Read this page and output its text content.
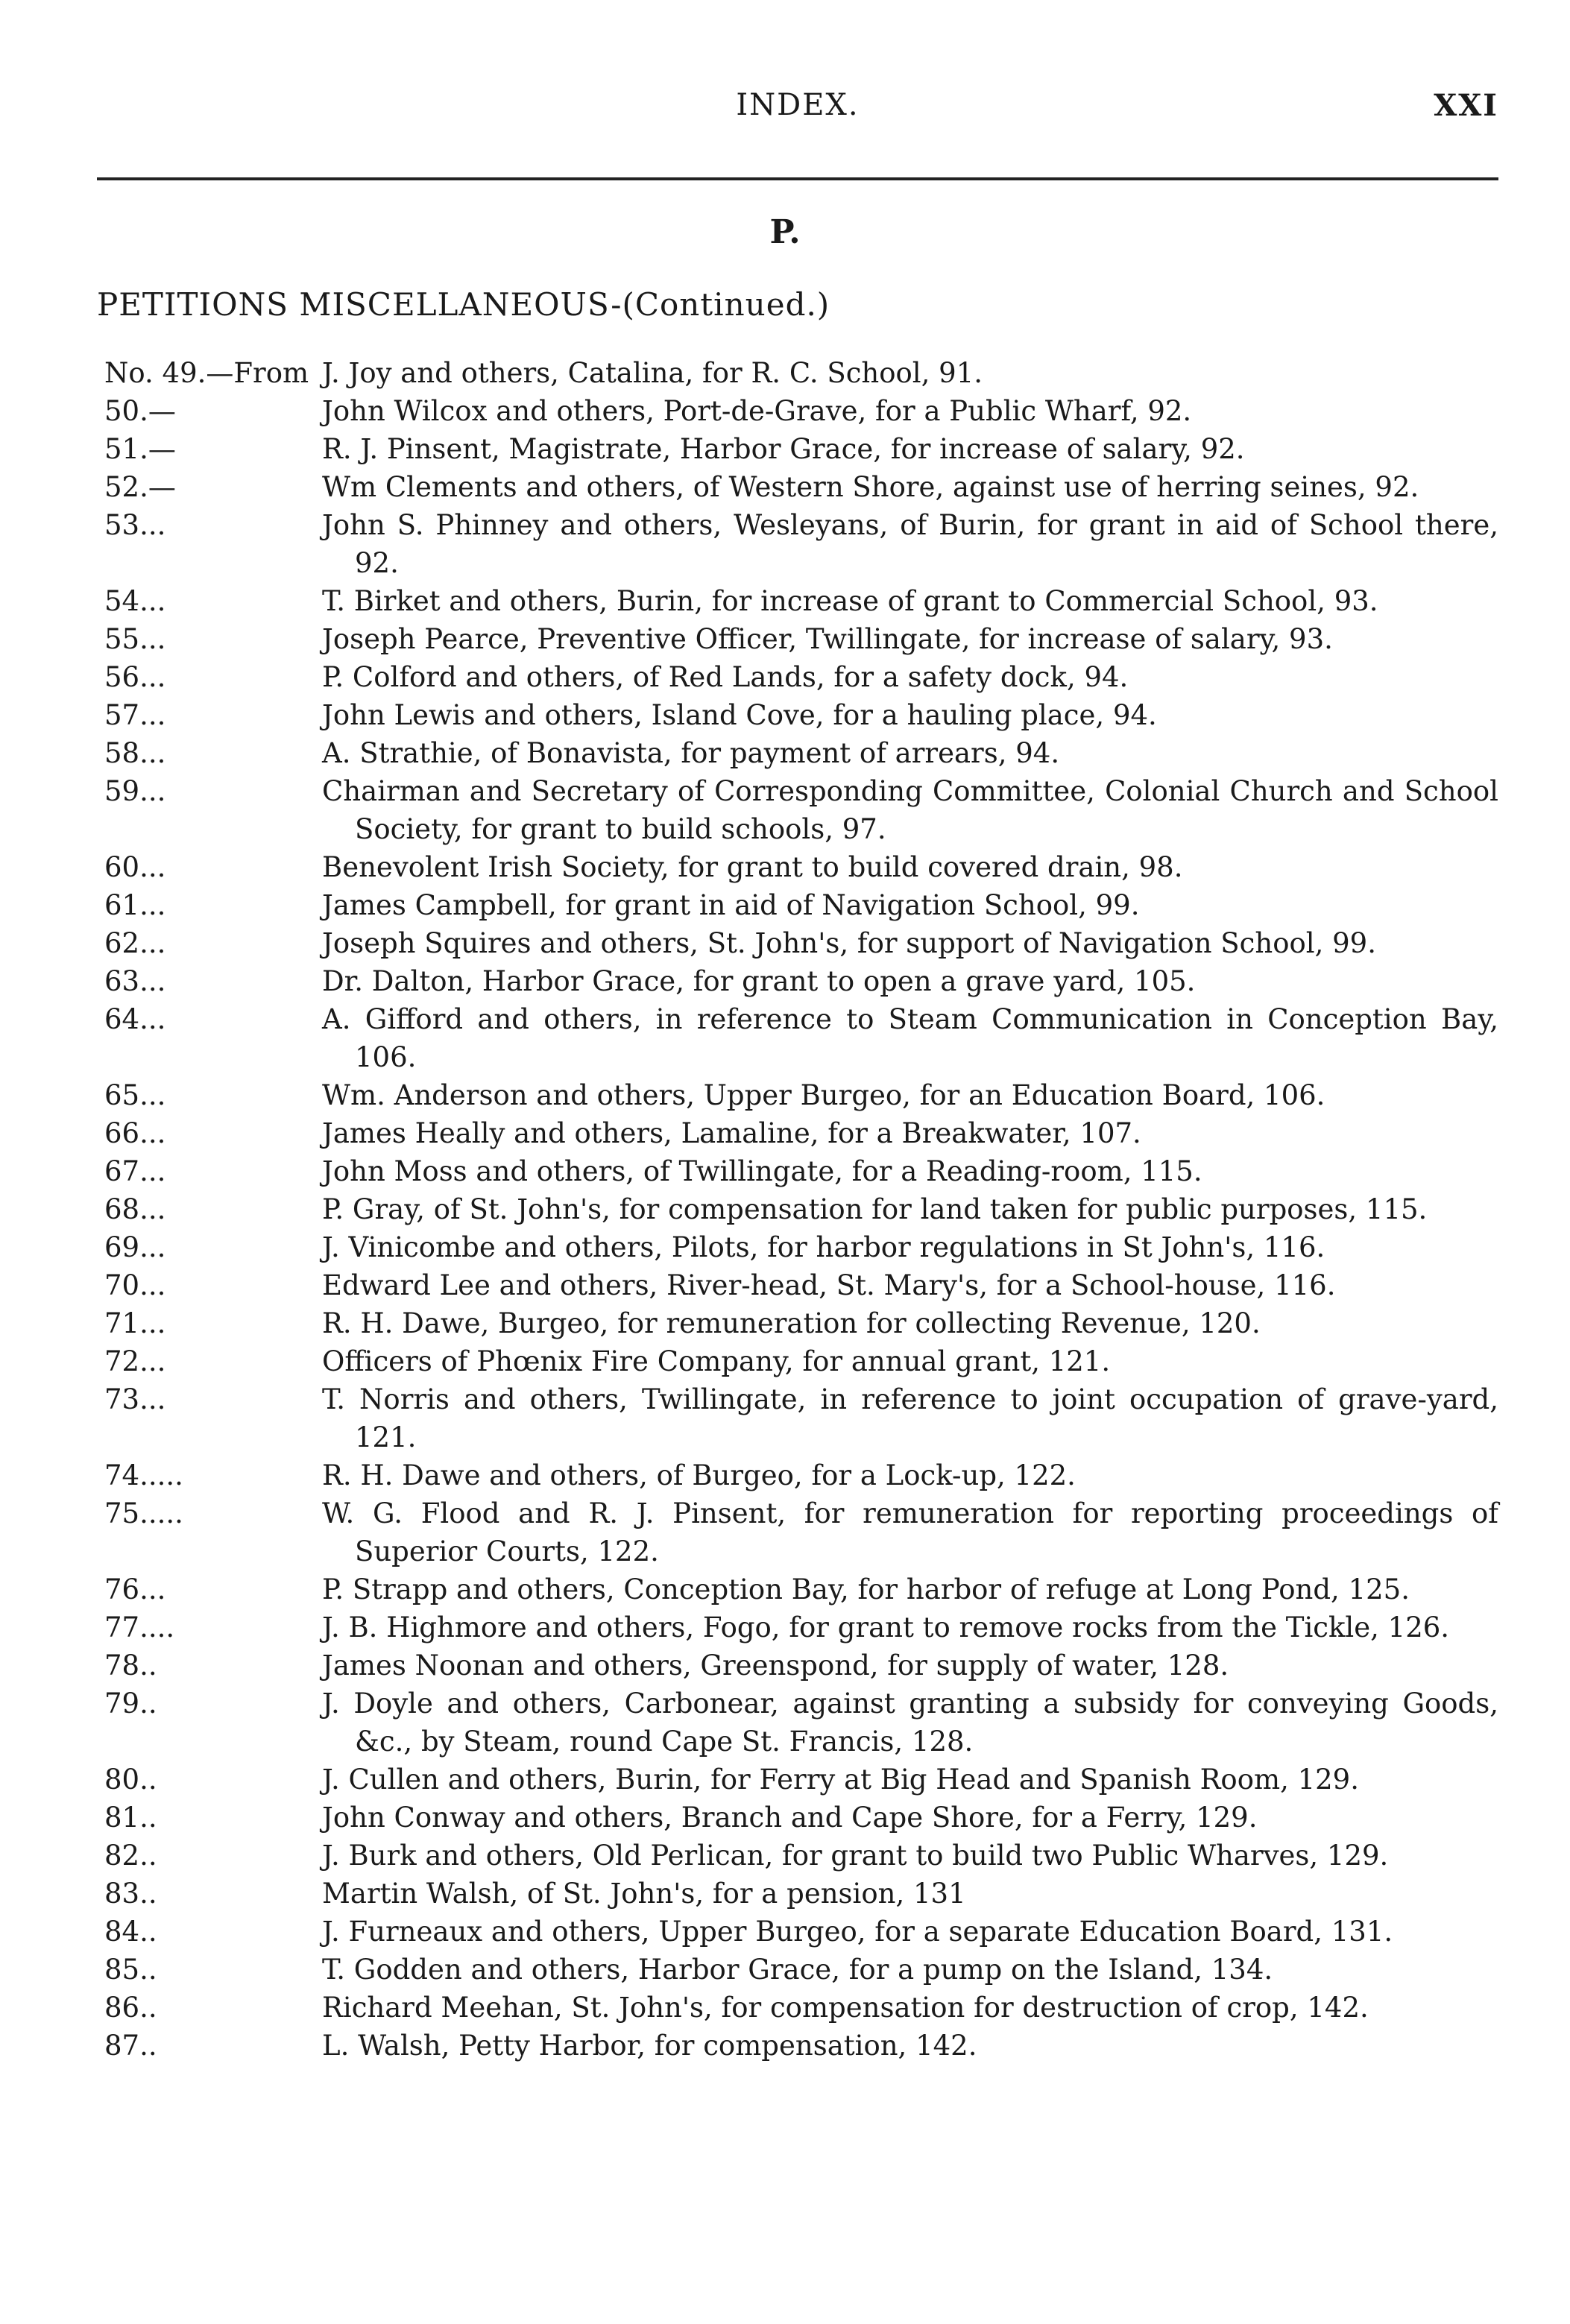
INDEX.	XXI
P.
PETITIONS MISCELLANEOUS-(Continued.)
No. 49.—From J. Joy and others, Catalina, for R. C. School, 91.
50.—	John Wilcox and others, Port-de-Grave, for a Public Wharf, 92.
51.—	R. J. Pinsent, Magistrate, Harbor Grace, for increase of salary, 92.
52.—	Wm Clements and others, of Western Shore, against use of herring seines, 92.
53...	John S. Phinney and others, Wesleyans, of Burin, for grant in aid of School there, 92.
54...	T. Birket and others, Burin, for increase of grant to Commercial School, 93.
55...	Joseph Pearce, Preventive Officer, Twillingate, for increase of salary, 93.
56...	P. Colford and others, of Red Lands, for a safety dock, 94.
57...	John Lewis and others, Island Cove, for a hauling place, 94.
58...	A. Strathie, of Bonavista, for payment of arrears, 94.
59...	Chairman and Secretary of Corresponding Committee, Colonial Church and School Society, for grant to build schools, 97.
60...	Benevolent Irish Society, for grant to build covered drain, 98.
61...	James Campbell, for grant in aid of Navigation School, 99.
62...	Joseph Squires and others, St. John's, for support of Navigation School, 99.
63...	Dr. Dalton, Harbor Grace, for grant to open a grave yard, 105.
64...	A. Gifford and others, in reference to Steam Communication in Conception Bay, 106.
65...	Wm. Anderson and others, Upper Burgeo, for an Education Board, 106.
66...	James Heally and others, Lamaline, for a Breakwater, 107.
67...	John Moss and others, of Twillingate, for a Reading-room, 115.
68...	P. Gray, of St. John's, for compensation for land taken for public purposes, 115.
69...	J. Vinicombe and others, Pilots, for harbor regulations in St John's, 116.
70...	Edward Lee and others, River-head, St. Mary's, for a School-house, 116.
71...	R. H. Dawe, Burgeo, for remuneration for collecting Revenue, 120.
72...	Officers of Phœnix Fire Company, for annual grant, 121.
73...	T. Norris and others, Twillingate, in reference to joint occupation of grave-yard, 121.
74.....	R. H. Dawe and others, of Burgeo, for a Lock-up, 122.
75.....	W. G. Flood and R. J. Pinsent, for remuneration for reporting proceedings of Superior Courts, 122.
76...	P. Strapp and others, Conception Bay, for harbor of refuge at Long Pond, 125.
77....	J. B. Highmore and others, Fogo, for grant to remove rocks from the Tickle, 126.
78..	James Noonan and others, Greenspond, for supply of water, 128.
79..	J. Doyle and others, Carbonear, against granting a subsidy for conveying Goods, &c., by Steam, round Cape St. Francis, 128.
80..	J. Cullen and others, Burin, for Ferry at Big Head and Spanish Room, 129.
81..	John Conway and others, Branch and Cape Shore, for a Ferry, 129.
82..	J. Burk and others, Old Perlican, for grant to build two Public Wharves, 129.
83..	Martin Walsh, of St. John's, for a pension, 131
84..	J. Furneaux and others, Upper Burgeo, for a separate Education Board, 131.
85..	T. Godden and others, Harbor Grace, for a pump on the Island, 134.
86..	Richard Meehan, St. John's, for compensation for destruction of crop, 142.
87..	L. Walsh, Petty Harbor, for compensation, 142.
